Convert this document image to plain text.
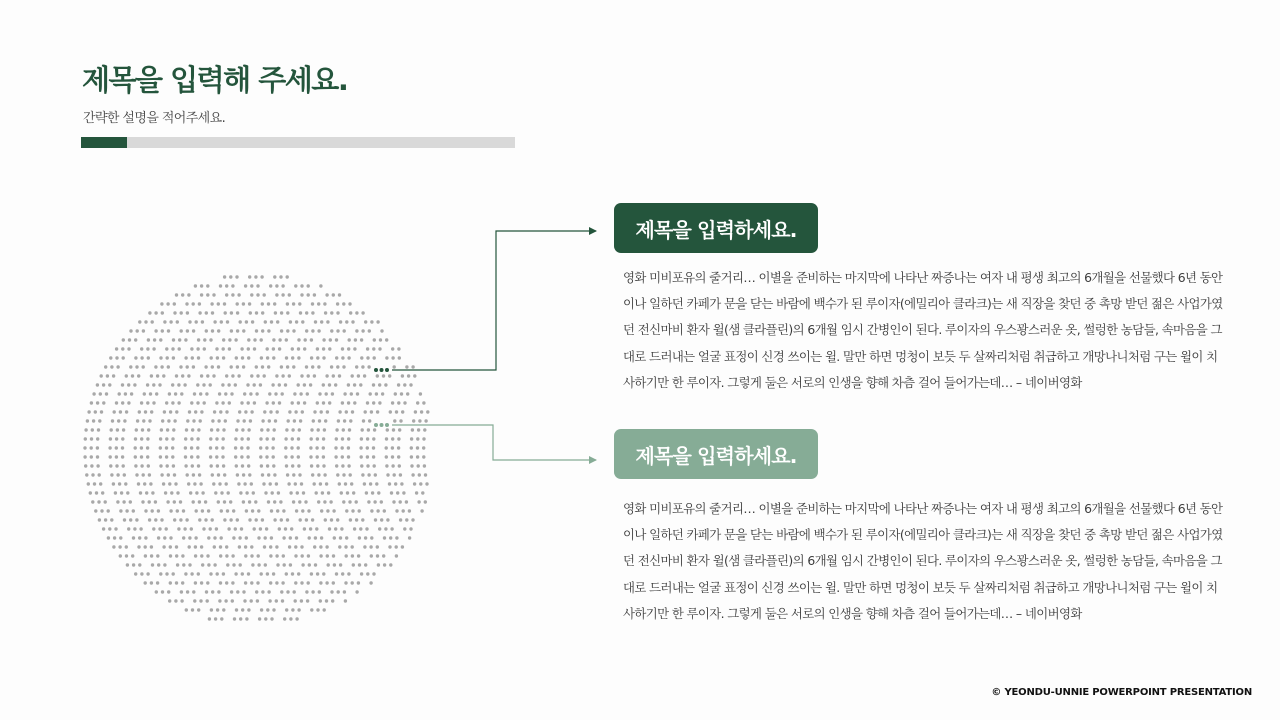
제목을 입력해 주세요.
간략한 설명을 적어주세요.
제목을 입력하세요.

영화 미비포유의 줄거리… 이별을 준비하는 마지막에 나타난 짜증나는 여자 내 평생 최고의 6개월을 선물했다 6년 동안이나 일하던 카페가 문을 닫는 바람에 백수가 된 루이자(에밀리아 클라크)는 새 직장을 찾던 중 촉망 받던 젊은 사업가였던 전신마비 환자 윌(샘 클라플린)의 6개월 임시 간병인이 된다. 루이자의 우스꽝스러운 옷, 썰렁한 농담들, 속마음을 그대로 드러내는 얼굴 표정이 신경 쓰이는 윌. 말만 하면 멍청이 보듯 두 살짜리처럼 취급하고 개망나니처럼 구는 윌이 치사하기만 한 루이자. 그렇게 둘은 서로의 인생을 향해 차츰 걸어 들어가는데… – 네이버영화

제목을 입력하세요.

영화 미비포유의 줄거리… 이별을 준비하는 마지막에 나타난 짜증나는 여자 내 평생 최고의 6개월을 선물했다 6년 동안이나 일하던 카페가 문을 닫는 바람에 백수가 된 루이자(에밀리아 클라크)는 새 직장을 찾던 중 촉망 받던 젊은 사업가였던 전신마비 환자 윌(샘 클라플린)의 6개월 임시 간병인이 된다. 루이자의 우스꽝스러운 옷, 썰렁한 농담들, 속마음을 그대로 드러내는 얼굴 표정이 신경 쓰이는 윌. 말만 하면 멍청이 보듯 두 살짜리처럼 취급하고 개망나니처럼 구는 윌이 치사하기만 한 루이자. 그렇게 둘은 서로의 인생을 향해 차츰 걸어 들어가는데… – 네이버영화

© YEONDU-UNNIE POWERPOINT PRESENTATION
